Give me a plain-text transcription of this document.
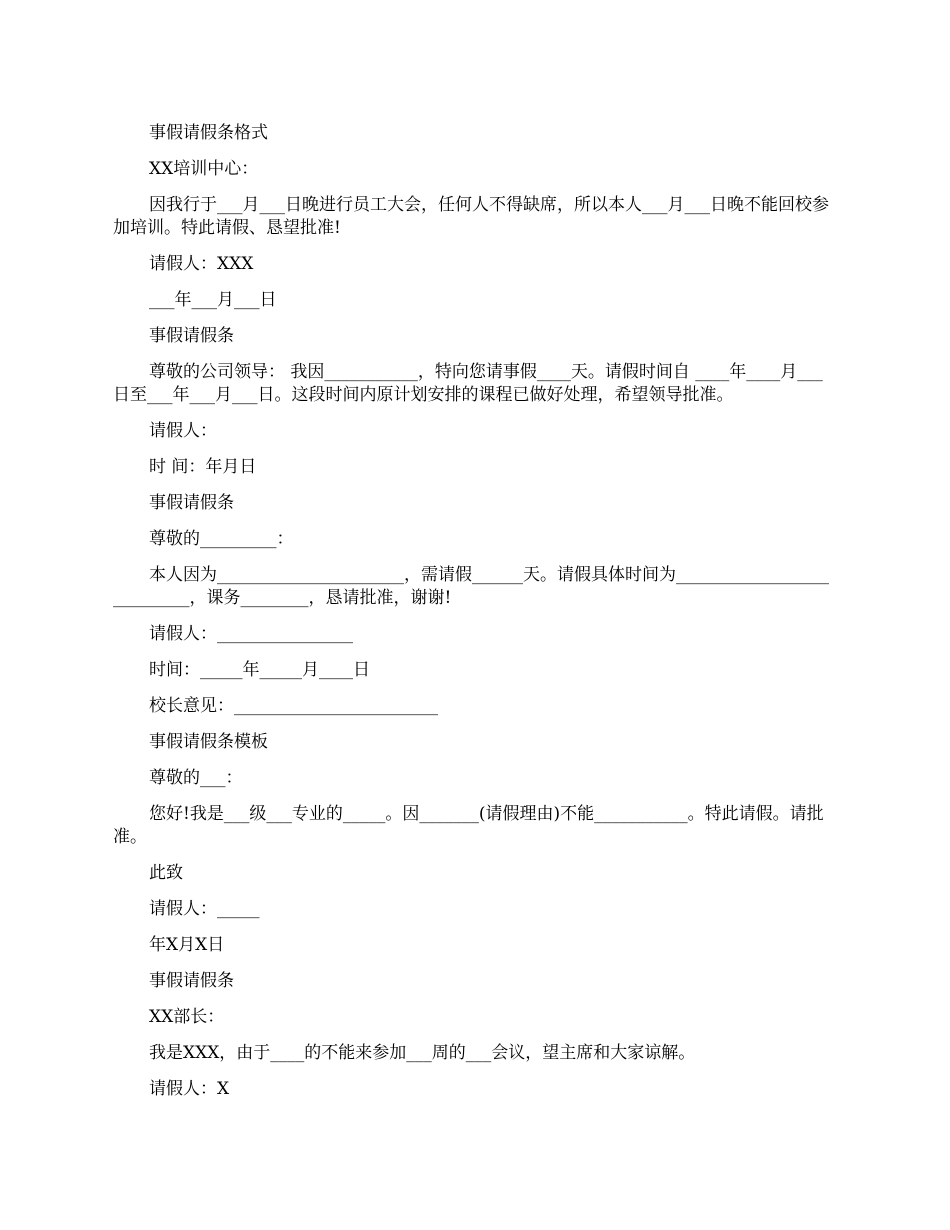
事假请假条格式

XX培训中心：

因我行于___月___日晚进行员工大会，任何人不得缺席，所以本人___月___日晚不能回校参加培训。特此请假、恳望批准!

请假人：XXX

___年___月___日

事假请假条

尊敬的公司领导： 我因___________，特向您请事假____天。请假时间自 ____年____月___日至___年___月___日。这段时间内原计划安排的课程已做好处理，希望领导批准。

请假人：

时 间：年月日

事假请假条

尊敬的_________：

本人因为______________________，需请假______天。请假具体时间为___________________________，课务________，恳请批准，谢谢!

请假人：________________

时间：_____年_____月____日

校长意见：________________________

事假请假条模板

尊敬的___：

您好!我是___级___专业的_____。因_______(请假理由)不能___________。特此请假。请批准。

此致

请假人：_____

年X月X日

事假请假条

XX部长：

我是XXX，由于____的不能来参加___周的___会议，望主席和大家谅解。

请假人：X
